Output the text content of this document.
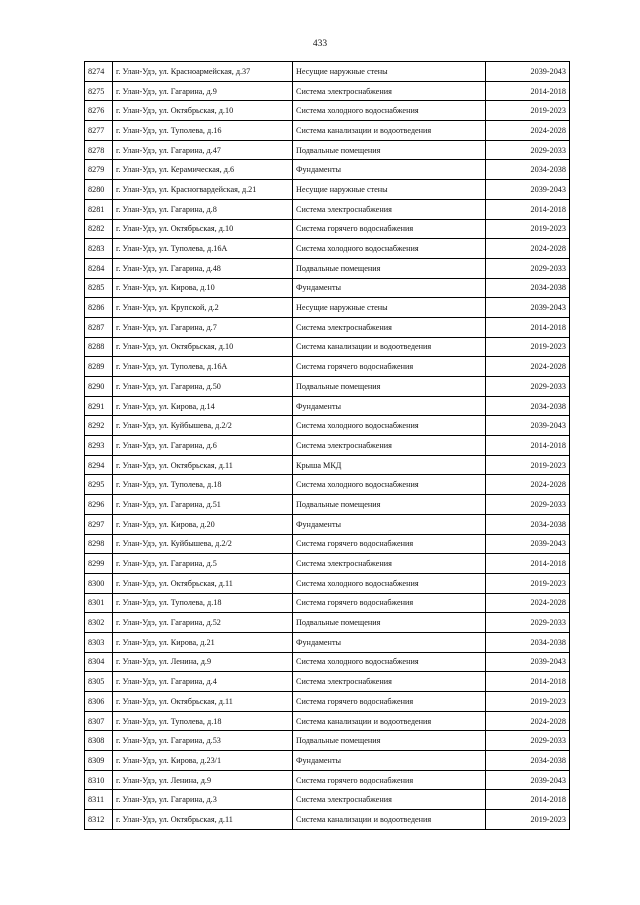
433
8274	г. Улан-Удэ, ул. Красноармейская, д.37	Несущие наружные стены	2039-2043
8275	г. Улан-Удэ, ул. Гагарина, д.9	Система электроснабжения	2014-2018
8276	г. Улан-Удэ, ул. Октябрьская, д.10	Система холодного водоснабжения	2019-2023
8277	г. Улан-Удэ, ул. Туполева, д.16	Система канализации и водоотведения	2024-2028
8278	г. Улан-Удэ, ул. Гагарина, д.47	Подвальные помещения	2029-2033
8279	г. Улан-Удэ, ул. Керамическая, д.6	Фундаменты	2034-2038
8280	г. Улан-Удэ, ул. Красногвардейская, д.21	Несущие наружные стены	2039-2043
8281	г. Улан-Удэ, ул. Гагарина, д.8	Система электроснабжения	2014-2018
8282	г. Улан-Удэ, ул. Октябрьская, д.10	Система горячего водоснабжения	2019-2023
8283	г. Улан-Удэ, ул. Туполева, д.16А	Система холодного водоснабжения	2024-2028
8284	г. Улан-Удэ, ул. Гагарина, д.48	Подвальные помещения	2029-2033
8285	г. Улан-Удэ, ул. Кирова, д.10	Фундаменты	2034-2038
8286	г. Улан-Удэ, ул. Крупской, д.2	Несущие наружные стены	2039-2043
8287	г. Улан-Удэ, ул. Гагарина, д.7	Система электроснабжения	2014-2018
8288	г. Улан-Удэ, ул. Октябрьская, д.10	Система канализации и водоотведения	2019-2023
8289	г. Улан-Удэ, ул. Туполева, д.16А	Система горячего водоснабжения	2024-2028
8290	г. Улан-Удэ, ул. Гагарина, д.50	Подвальные помещения	2029-2033
8291	г. Улан-Удэ, ул. Кирова, д.14	Фундаменты	2034-2038
8292	г. Улан-Удэ, ул. Куйбышева, д.2/2	Система холодного водоснабжения	2039-2043
8293	г. Улан-Удэ, ул. Гагарина, д.6	Система электроснабжения	2014-2018
8294	г. Улан-Удэ, ул. Октябрьская, д.11	Крыша МКД	2019-2023
8295	г. Улан-Удэ, ул. Туполева, д.18	Система холодного водоснабжения	2024-2028
8296	г. Улан-Удэ, ул. Гагарина, д.51	Подвальные помещения	2029-2033
8297	г. Улан-Удэ, ул. Кирова, д.20	Фундаменты	2034-2038
8298	г. Улан-Удэ, ул. Куйбышева, д.2/2	Система горячего водоснабжения	2039-2043
8299	г. Улан-Удэ, ул. Гагарина, д.5	Система электроснабжения	2014-2018
8300	г. Улан-Удэ, ул. Октябрьская, д.11	Система холодного водоснабжения	2019-2023
8301	г. Улан-Удэ, ул. Туполева, д.18	Система горячего водоснабжения	2024-2028
8302	г. Улан-Удэ, ул. Гагарина, д.52	Подвальные помещения	2029-2033
8303	г. Улан-Удэ, ул. Кирова, д.21	Фундаменты	2034-2038
8304	г. Улан-Удэ, ул. Ленина, д.9	Система холодного водоснабжения	2039-2043
8305	г. Улан-Удэ, ул. Гагарина, д.4	Система электроснабжения	2014-2018
8306	г. Улан-Удэ, ул. Октябрьская, д.11	Система горячего водоснабжения	2019-2023
8307	г. Улан-Удэ, ул. Туполева, д.18	Система канализации и водоотведения	2024-2028
8308	г. Улан-Удэ, ул. Гагарина, д.53	Подвальные помещения	2029-2033
8309	г. Улан-Удэ, ул. Кирова, д.23/1	Фундаменты	2034-2038
8310	г. Улан-Удэ, ул. Ленина, д.9	Система горячего водоснабжения	2039-2043
8311	г. Улан-Удэ, ул. Гагарина, д.3	Система электроснабжения	2014-2018
8312	г. Улан-Удэ, ул. Октябрьская, д.11	Система канализации и водоотведения	2019-2023
